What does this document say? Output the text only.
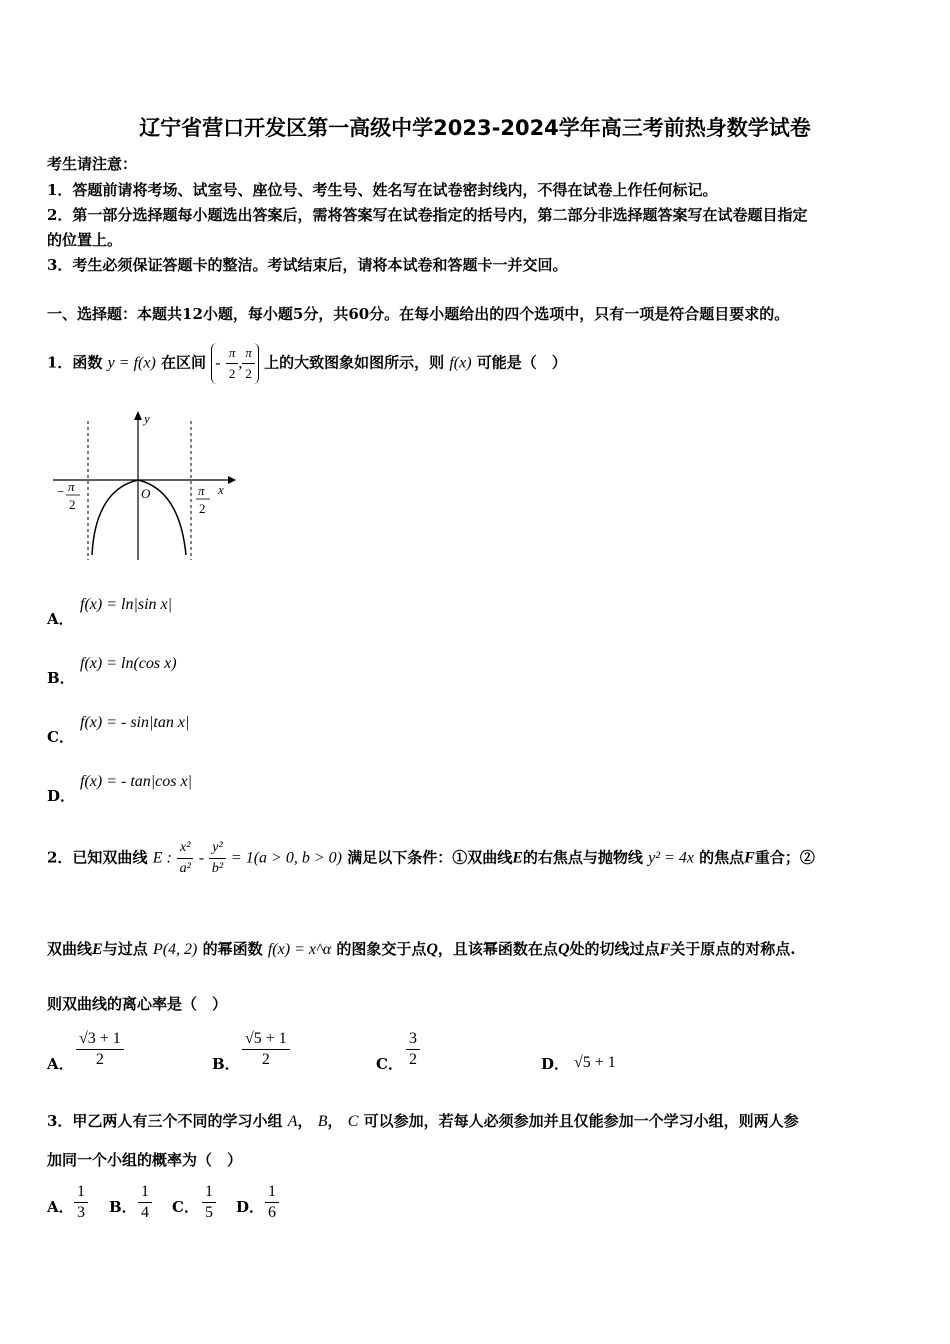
辽宁省营口开发区第一高级中学2023-2024学年高三考前热身数学试卷
考生请注意：
1．答题前请将考场、试室号、座位号、考生号、姓名写在试卷密封线内，不得在试卷上作任何标记。
2．第一部分选择题每小题选出答案后，需将答案写在试卷指定的括号内，第二部分非选择题答案写在试卷题目指定
的位置上。
3．考生必须保证答题卡的整洁。考试结束后，请将本试卷和答题卡一并交回。
一、选择题：本题共12小题，每小题5分，共60分。在每小题给出的四个选项中，只有一项是符合题目要求的。
1．函数 y = f(x) 在区间 - $\frac{\pi}{2}$ , $\frac{\pi}{2}$ 上的大致图象如图所示，则 f(x) 可能是（　）
y
x
O
− π
2
π
2
A．
f(x) = ln|sin x|
B．
f(x) = ln(cos x)
C．
f(x) = - sin|tan x|
D．
f(x) = - tan|cos x|
2．已知双曲线 E : $\frac{\text{x²}}{\text{a²}} - \frac{\text{y²}}{\text{b²}} = 1(a > 0$, b > 0) 满足以下条件：①双曲线E的右焦点与抛物线 y² = 4x 的焦点F重合；②
双曲线E与过点 P(4, 2) 的幂函数 f(x) = x^α 的图象交于点Q，且该幂函数在点Q处的切线过点F关于原点的对称点.
则双曲线的离心率是（　）
A． $\frac{√3 + 1}{2}$	B． $\frac{√5 + 1}{2}$	C． $\frac{3}{2}$	D． √5 + 1
3．甲乙两人有三个不同的学习小组 A， B， C 可以参加，若每人必须参加并且仅能参加一个学习小组，则两人参
加同一个小组的概率为（　）
A． $\frac{1}{3}$ B． $\frac{1}{4}$ C． $\frac{1}{5}$ D． $\frac{1}{6}$
